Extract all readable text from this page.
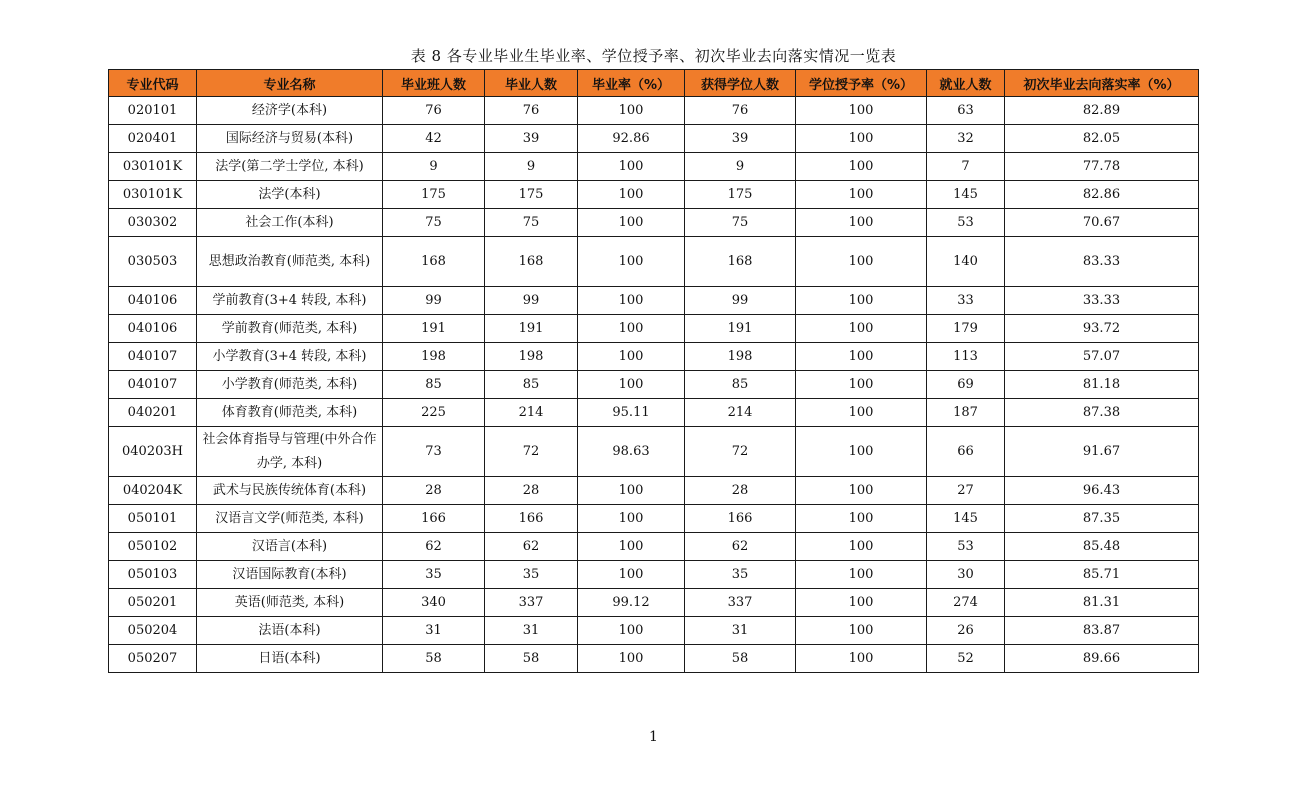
表 8 各专业毕业生毕业率、学位授予率、初次毕业去向落实情况一览表
专业代码	专业名称	毕业班人数	毕业人数	毕业率（%）	获得学位人数	学位授予率（%）	就业人数	初次毕业去向落实率（%）
020101	经济学(本科)	76	76	100	76	100	63	82.89
020401	国际经济与贸易(本科)	42	39	92.86	39	100	32	82.05
030101K	法学(第二学士学位, 本科)	9	9	100	9	100	7	77.78
030101K	法学(本科)	175	175	100	175	100	145	82.86
030302	社会工作(本科)	75	75	100	75	100	53	70.67
030503	思想政治教育(师范类, 本科)	168	168	100	168	100	140	83.33
040106	学前教育(3+4 转段, 本科)	99	99	100	99	100	33	33.33
040106	学前教育(师范类, 本科)	191	191	100	191	100	179	93.72
040107	小学教育(3+4 转段, 本科)	198	198	100	198	100	113	57.07
040107	小学教育(师范类, 本科)	85	85	100	85	100	69	81.18
040201	体育教育(师范类, 本科)	225	214	95.11	214	100	187	87.38
040203H	社会体育指导与管理(中外合作办学, 本科)	73	72	98.63	72	100	66	91.67
040204K	武术与民族传统体育(本科)	28	28	100	28	100	27	96.43
050101	汉语言文学(师范类, 本科)	166	166	100	166	100	145	87.35
050102	汉语言(本科)	62	62	100	62	100	53	85.48
050103	汉语国际教育(本科)	35	35	100	35	100	30	85.71
050201	英语(师范类, 本科)	340	337	99.12	337	100	274	81.31
050204	法语(本科)	31	31	100	31	100	26	83.87
050207	日语(本科)	58	58	100	58	100	52	89.66
1
